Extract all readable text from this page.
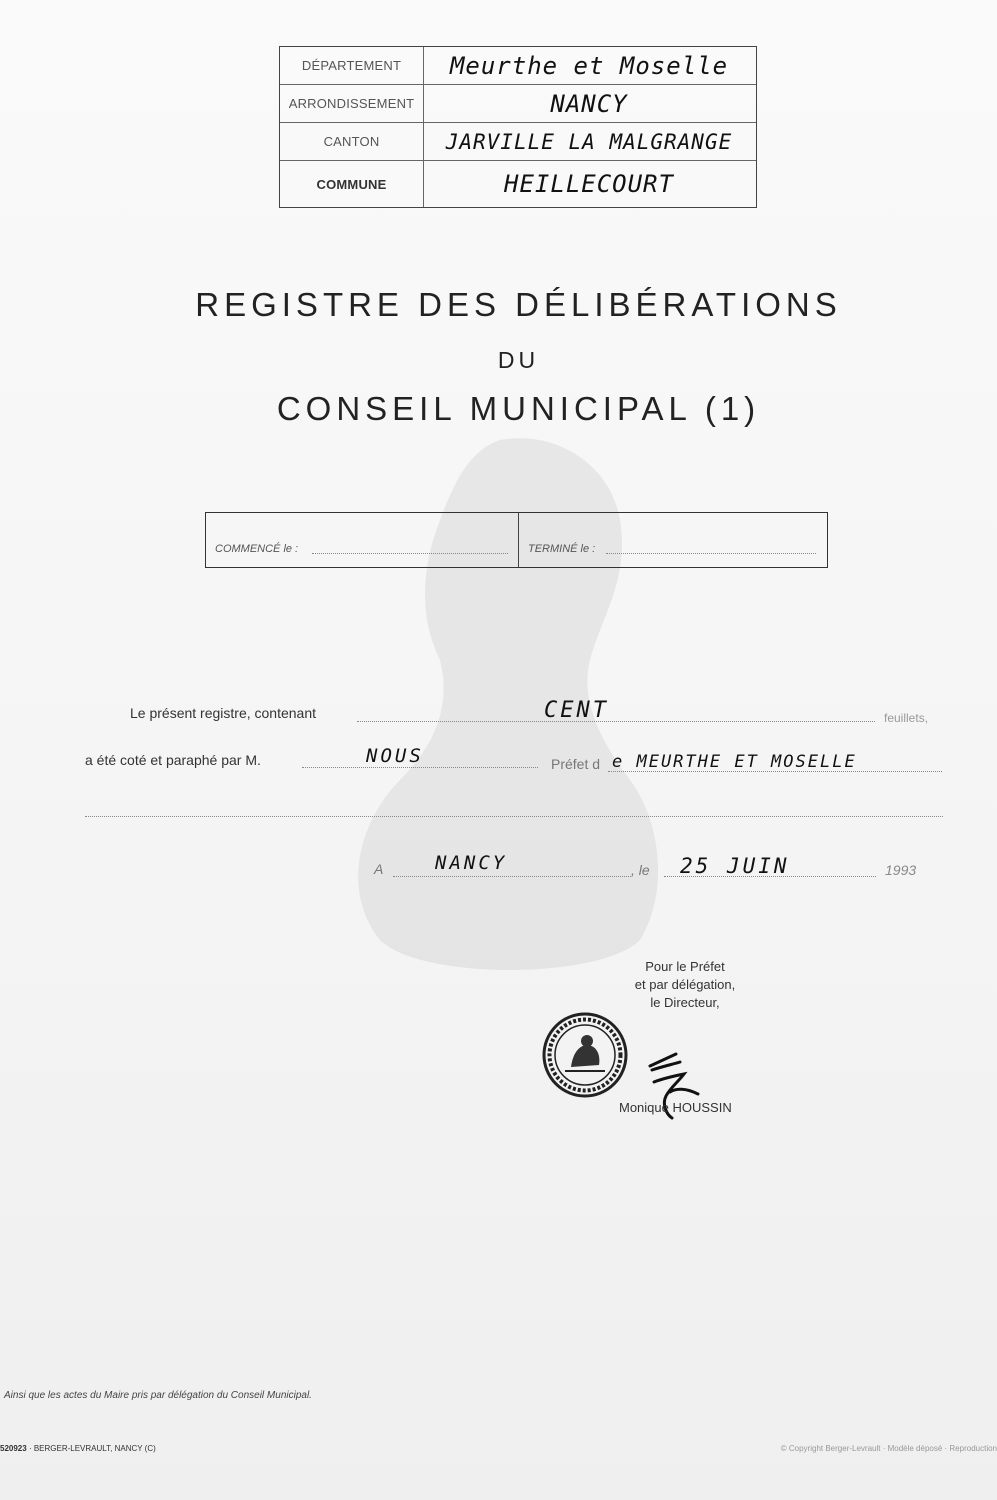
DÉPARTEMENT	Meurthe et Moselle
ARRONDISSEMENT	NANCY
CANTON	JARVILLE LA MALGRANGE
COMMUNE	HEILLECOURT
REGISTRE DES DÉLIBÉRATIONS
DU
CONSEIL MUNICIPAL (1)
COMMENCÉ le :	TERMINÉ le :
Le présent registre, contenant	CENT	feuillets,
a été coté et paraphé par M.	NOUS	Préfet d e MEURTHE ET MOSELLE
A	NANCY	, le 25 JUIN	1993
Pour le Préfet
et par délégation,
le Directeur,
Monique HOUSSIN
Ainsi que les actes du Maire pris par délégation du Conseil Municipal.
520923 · BERGER-LEVRAULT, NANCY (C)	© Copyright Berger-Levrault · Modèle déposé · Reproduction
